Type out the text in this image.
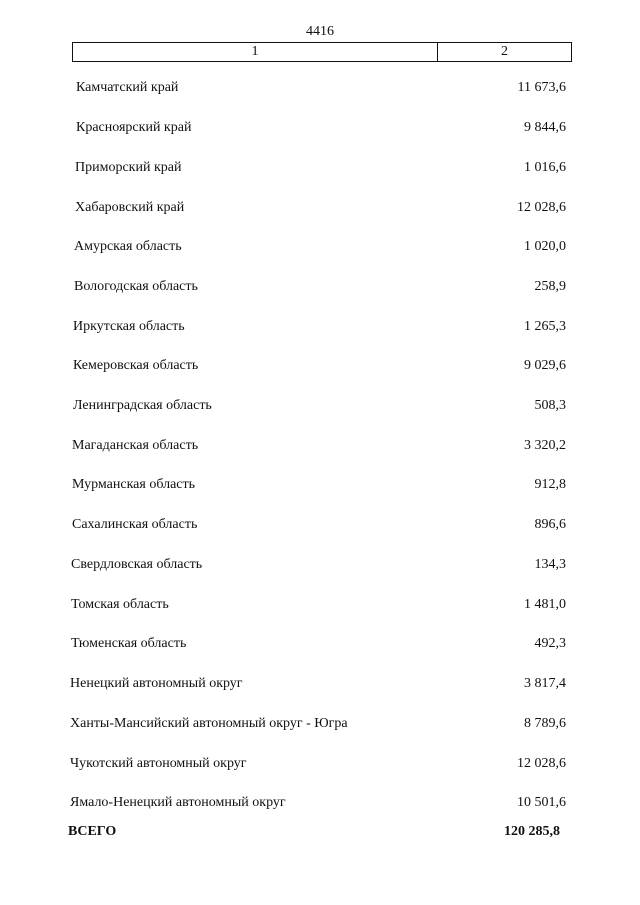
4416
1	2
Камчатский край	11 673,6
Красноярский край	9 844,6
Приморский край	1 016,6
Хабаровский край	12 028,6
Амурская область	1 020,0
Вологодская область	258,9
Иркутская область	1 265,3
Кемеровская область	9 029,6
Ленинградская область	508,3
Магаданская область	3 320,2
Мурманская область	912,8
Сахалинская область	896,6
Свердловская область	134,3
Томская область	1 481,0
Тюменская область	492,3
Ненецкий автономный округ	3 817,4
Ханты-Мансийский автономный округ - Югра	8 789,6
Чукотский автономный округ	12 028,6
Ямало-Ненецкий автономный округ	10 501,6
ВСЕГО	120 285,8
